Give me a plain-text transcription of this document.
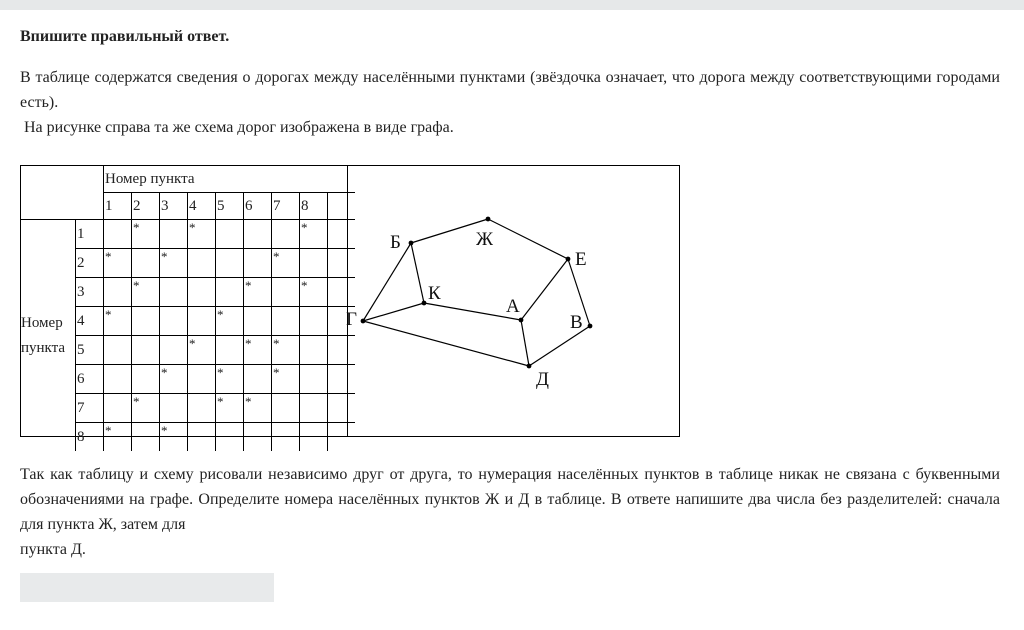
Впишите правильный ответ.

В таблице содержатся сведения о дорогах между населёнными пунктами (звёздочка означает, что дорога между соответствующими городами есть).

На рисунке справа та же схема дорог изображена в виде графа.

		Номер пункта								
		1	2	3	4	5	6	7	8	

Номер
пункта	1		*		*				*	
	2	*		*				*		
	3		*				*		*	
	4	*				*				
	5				*		*	*		
	6			*		*		*		
	7		*			*	*			
	8	*		*						
Б	Ж
Е
Г
К
А
В
Д

Так как таблицу и схему рисовали независимо друг от друга, то нумерация населённых пунктов в таблице никак не связана с буквенными обозначениями на графе. Определите номера населённых пунктов Ж и Д в таблице. В ответе напишите два числа без разделителей: сначала для пункта Ж, затем для

пункта Д.
